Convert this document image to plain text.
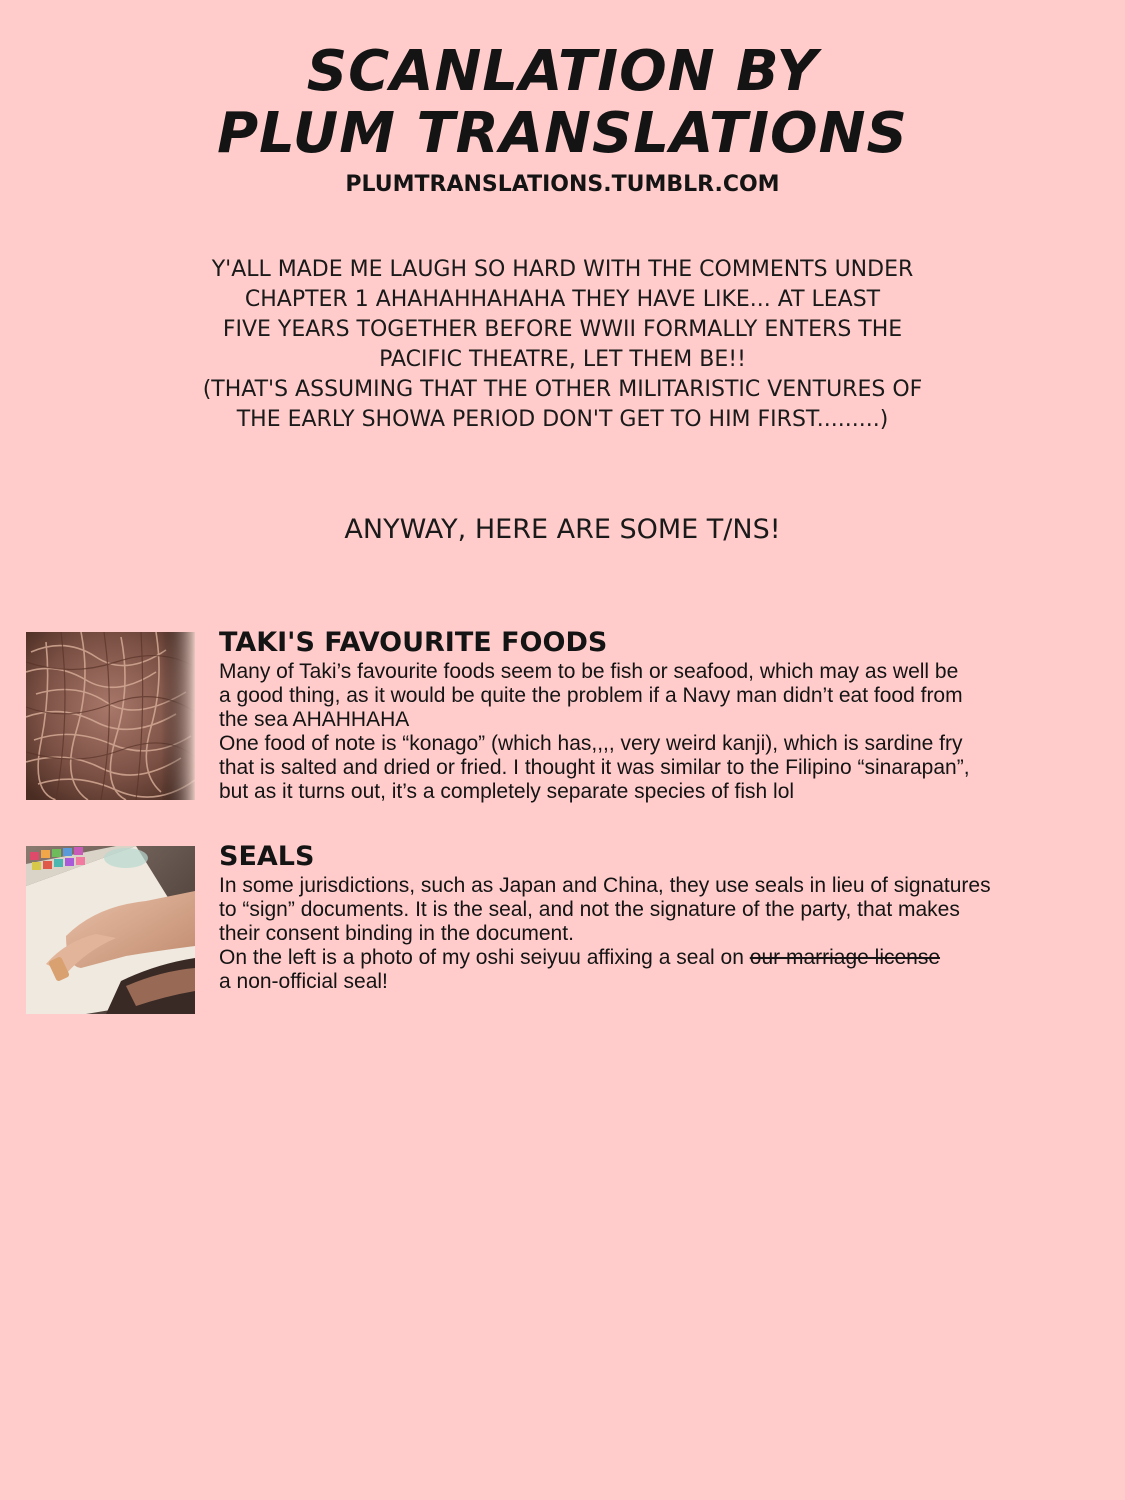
SCANLATION BY
PLUM TRANSLATIONS
PLUMTRANSLATIONS.TUMBLR.COM
Y'ALL MADE ME LAUGH SO HARD WITH THE COMMENTS UNDER
CHAPTER 1 AHAHAHHAHAHA THEY HAVE LIKE... AT LEAST
FIVE YEARS TOGETHER BEFORE WWII FORMALLY ENTERS THE
PACIFIC THEATRE, LET THEM BE!!
(THAT'S ASSUMING THAT THE OTHER MILITARISTIC VENTURES OF
THE EARLY SHOWA PERIOD DON'T GET TO HIM FIRST.........)
ANYWAY, HERE ARE SOME T/NS!
TAKI'S FAVOURITE FOODS
Many of Taki’s favourite foods seem to be fish or seafood, which may as well be
a good thing, as it would be quite the problem if a Navy man didn’t eat food from
the sea AHAHHAHA
One food of note is “konago” (which has,,,, very weird kanji), which is sardine fry
that is salted and dried or fried. I thought it was similar to the Filipino “sinarapan”,
but as it turns out, it’s a completely separate species of fish lol
SEALS
In some jurisdictions, such as Japan and China, they use seals in lieu of signatures
to “sign” documents. It is the seal, and not the signature of the party, that makes
their consent binding in the document.
On the left is a photo of my oshi seiyuu affixing a seal on our marriage license
a non-official seal!
